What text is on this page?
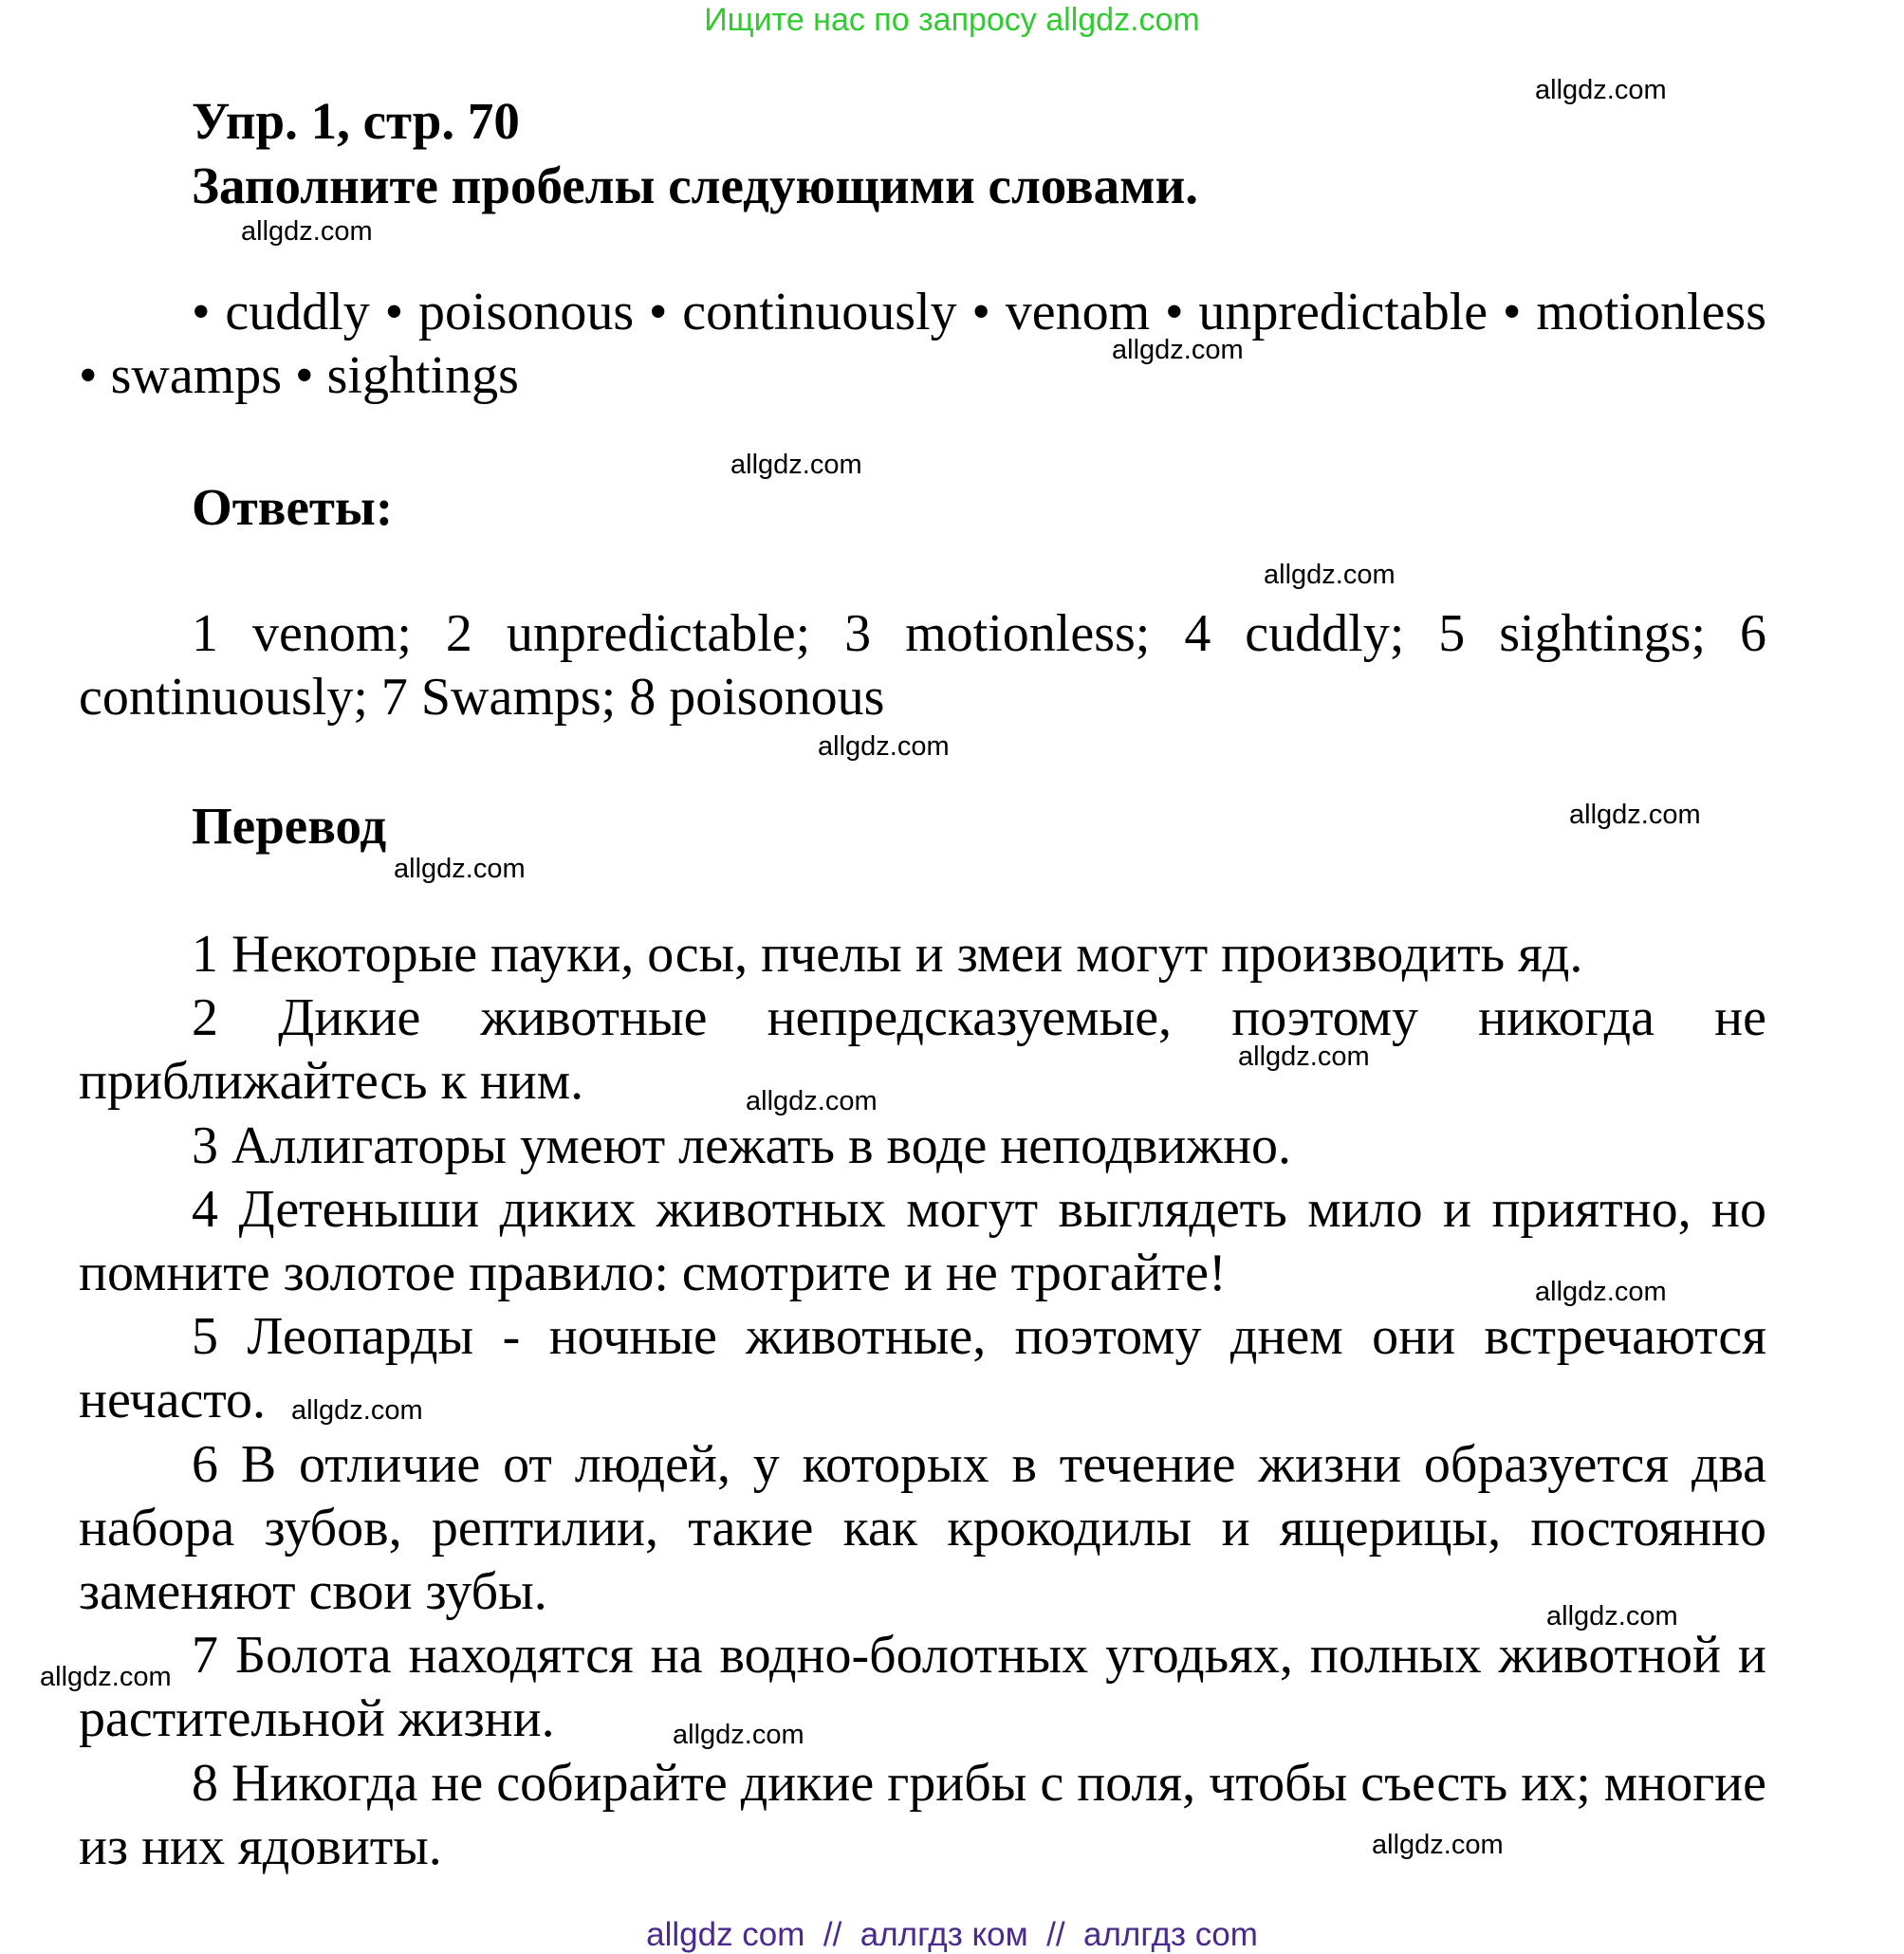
Ищите нас по запросу allgdz.com
Упр. 1, стр. 70
Заполните пробелы следующими словами.

• cuddly • poisonous • continuously • venom • unpredictable • motionless • swamps • sightings

Ответы:

1 venom; 2 unpredictable; 3 motionless; 4 cuddly; 5 sightings; 6 continuously; 7 Swamps; 8 poisonous

Перевод

1 Некоторые пауки, осы, пчелы и змеи могут производить яд.

2 Дикие животные непредсказуемые, поэтому никогда не приближайтесь к ним.

3 Аллигаторы умеют лежать в воде неподвижно.

4 Детеныши диких животных могут выглядеть мило и приятно, но помните золотое правило: смотрите и не трогайте!

5 Леопарды - ночные животные, поэтому днем они встречаются нечасто.

6 В отличие от людей, у которых в течение жизни образуется два набора зубов, рептилии, такие как крокодилы и ящерицы, постоянно заменяют свои зубы.

7 Болота находятся на водно-болотных угодьях, полных животной и растительной жизни.

8 Никогда не собирайте дикие грибы с поля, чтобы съесть их; многие из них ядовиты.

allgdz.com
allgdz.com
allgdz.com
allgdz.com
allgdz.com
allgdz.com
allgdz.com
allgdz.com
allgdz.com
allgdz.com
allgdz.com
allgdz.com
allgdz.com
allgdz.com
allgdz.com
allgdz.com
allgdz com  //  аллгдз ком  //  аллгдз com
